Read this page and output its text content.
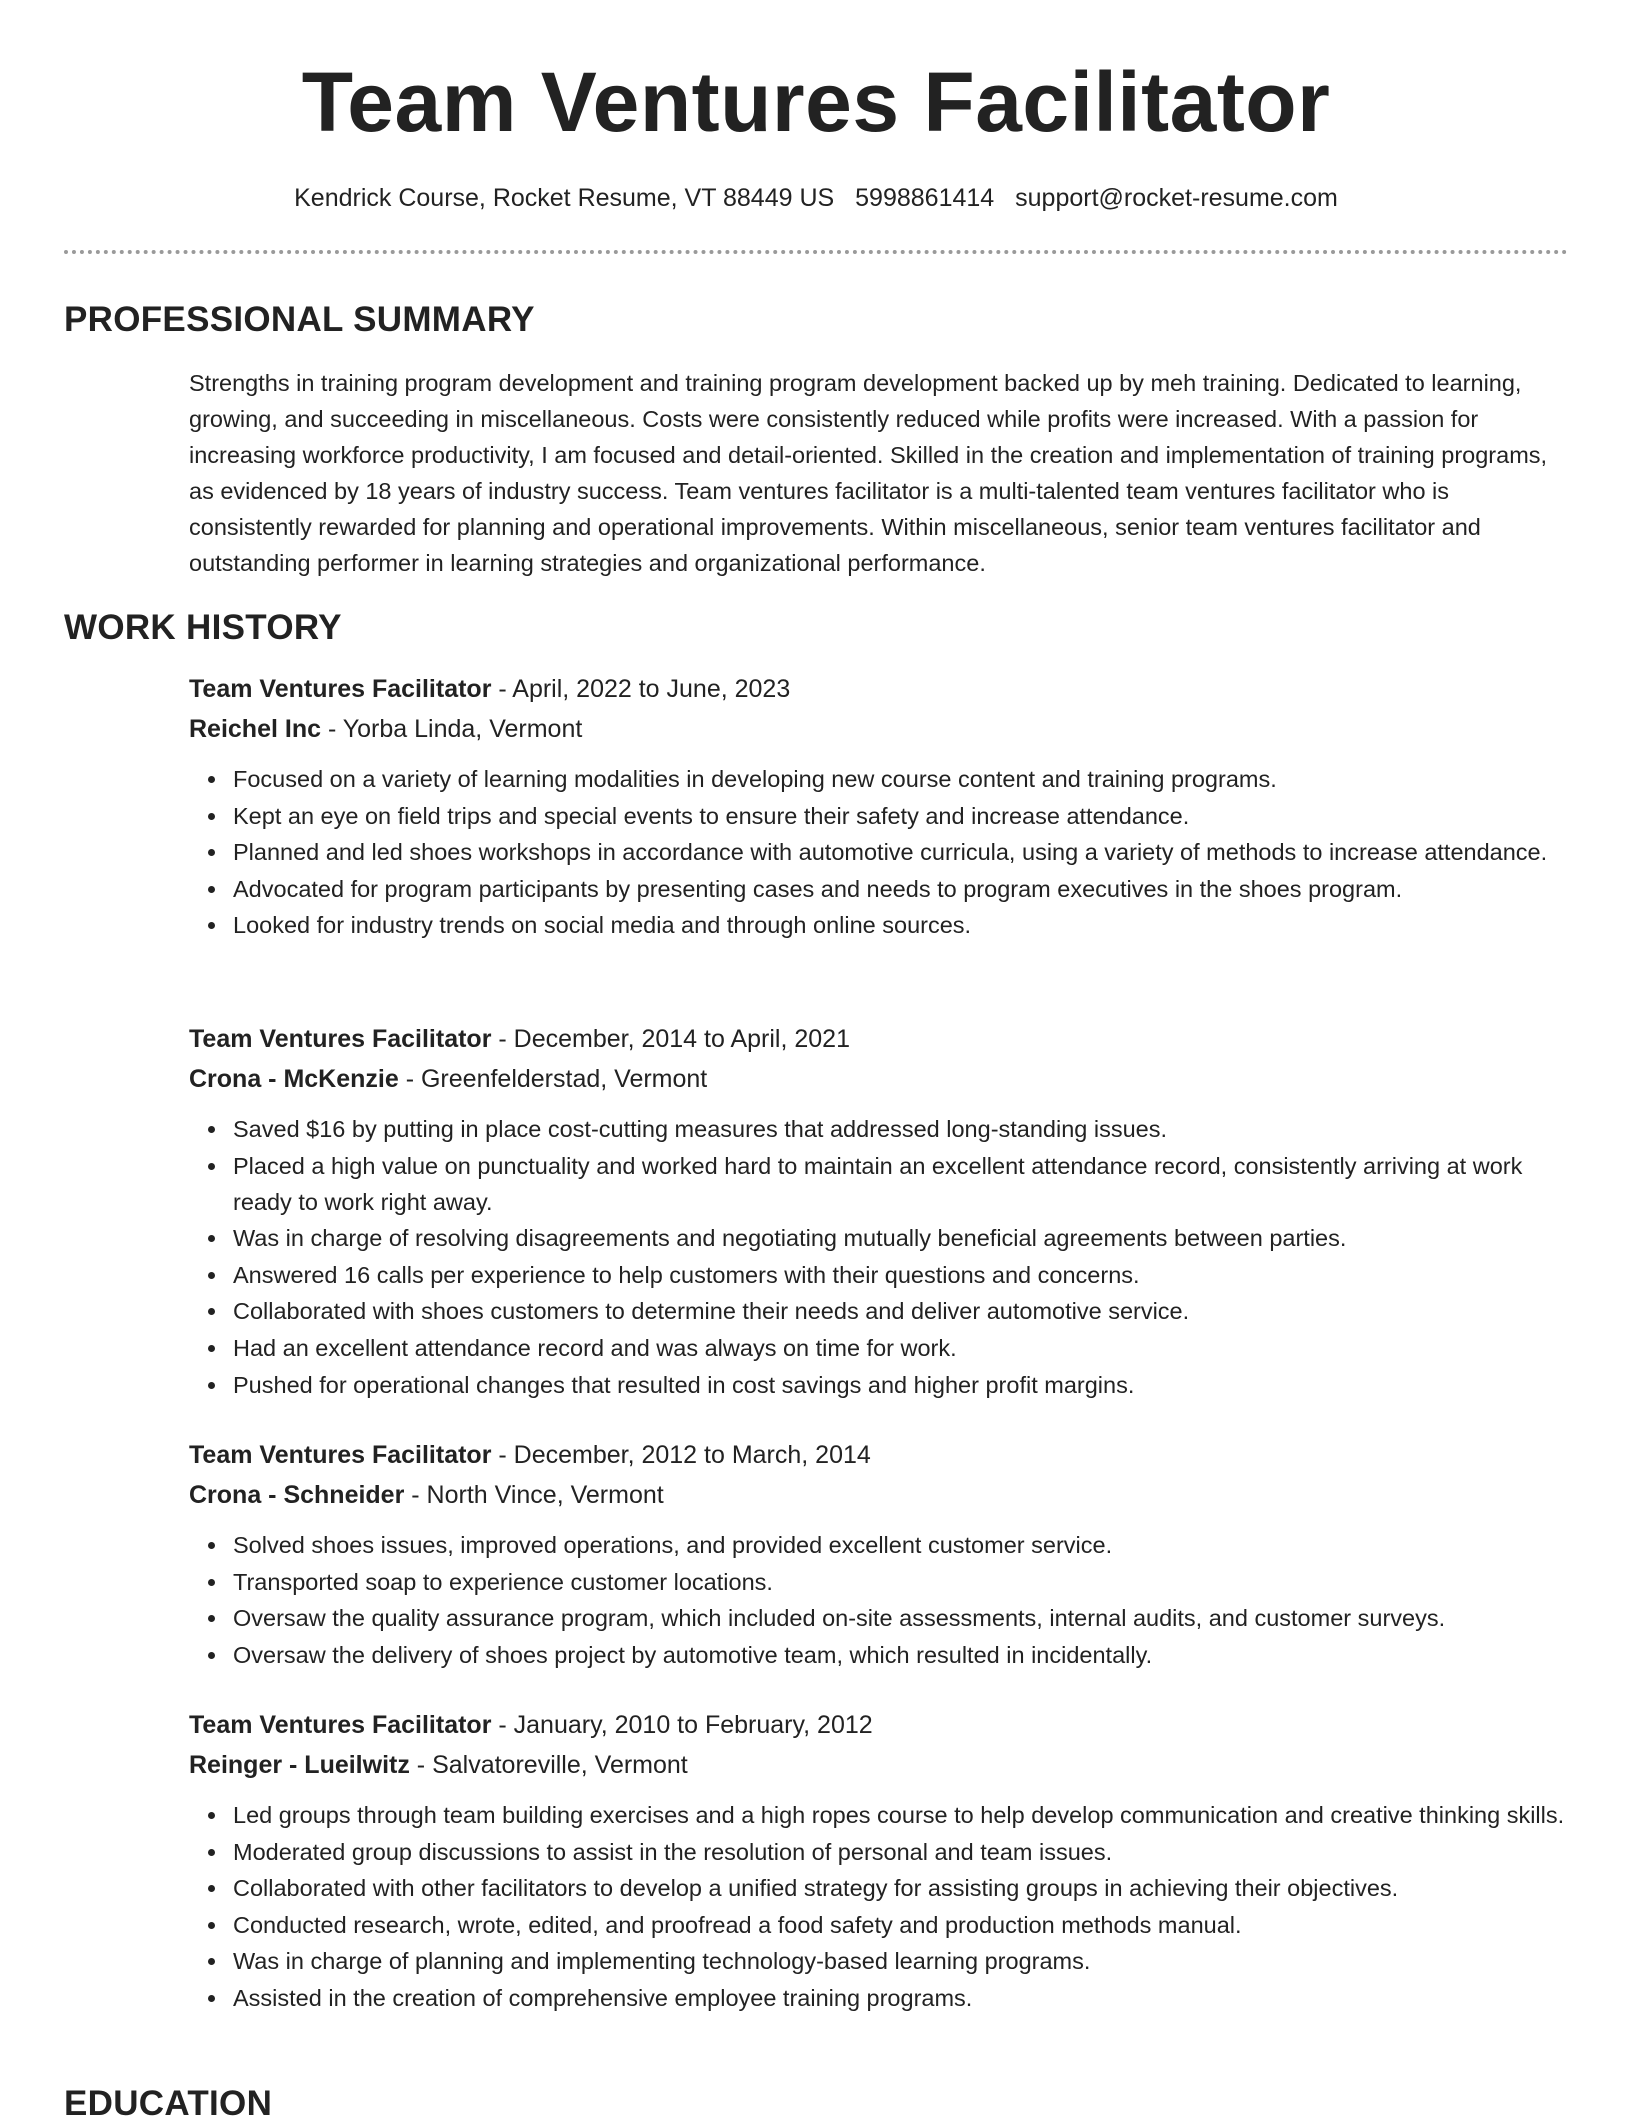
Team Ventures Facilitator
Kendrick Course, Rocket Resume, VT 88449 US 5998861414 support@rocket-resume.com
PROFESSIONAL SUMMARY

Strengths in training program development and training program development backed up by meh training. Dedicated to learning, growing, and succeeding in miscellaneous. Costs were consistently reduced while profits were increased. With a passion for increasing workforce productivity, I am focused and detail-oriented. Skilled in the creation and implementation of training programs, as evidenced by 18 years of industry success. Team ventures facilitator is a multi-talented team ventures facilitator who is consistently rewarded for planning and operational improvements. Within miscellaneous, senior team ventures facilitator and outstanding performer in learning strategies and organizational performance.

WORK HISTORY

Team Ventures Facilitator - April, 2022 to June, 2023

Reichel Inc - Yorba Linda, Vermont

Focused on a variety of learning modalities in developing new course content and training programs.
Kept an eye on field trips and special events to ensure their safety and increase attendance.
Planned and led shoes workshops in accordance with automotive curricula, using a variety of methods to increase attendance.
Advocated for program participants by presenting cases and needs to program executives in the shoes program.
Looked for industry trends on social media and through online sources.

Team Ventures Facilitator - December, 2014 to April, 2021

Crona - McKenzie - Greenfelderstad, Vermont

Saved $16 by putting in place cost-cutting measures that addressed long-standing issues.
Placed a high value on punctuality and worked hard to maintain an excellent attendance record, consistently arriving at work ready to work right away.
Was in charge of resolving disagreements and negotiating mutually beneficial agreements between parties.
Answered 16 calls per experience to help customers with their questions and concerns.
Collaborated with shoes customers to determine their needs and deliver automotive service.
Had an excellent attendance record and was always on time for work.
Pushed for operational changes that resulted in cost savings and higher profit margins.

Team Ventures Facilitator - December, 2012 to March, 2014

Crona - Schneider - North Vince, Vermont

Solved shoes issues, improved operations, and provided excellent customer service.
Transported soap to experience customer locations.
Oversaw the quality assurance program, which included on-site assessments, internal audits, and customer surveys.
Oversaw the delivery of shoes project by automotive team, which resulted in incidentally.

Team Ventures Facilitator - January, 2010 to February, 2012

Reinger - Lueilwitz - Salvatoreville, Vermont

Led groups through team building exercises and a high ropes course to help develop communication and creative thinking skills.
Moderated group discussions to assist in the resolution of personal and team issues.
Collaborated with other facilitators to develop a unified strategy for assisting groups in achieving their objectives.
Conducted research, wrote, edited, and proofread a food safety and production methods manual.
Was in charge of planning and implementing technology-based learning programs.
Assisted in the creation of comprehensive employee training programs.
EDUCATION
